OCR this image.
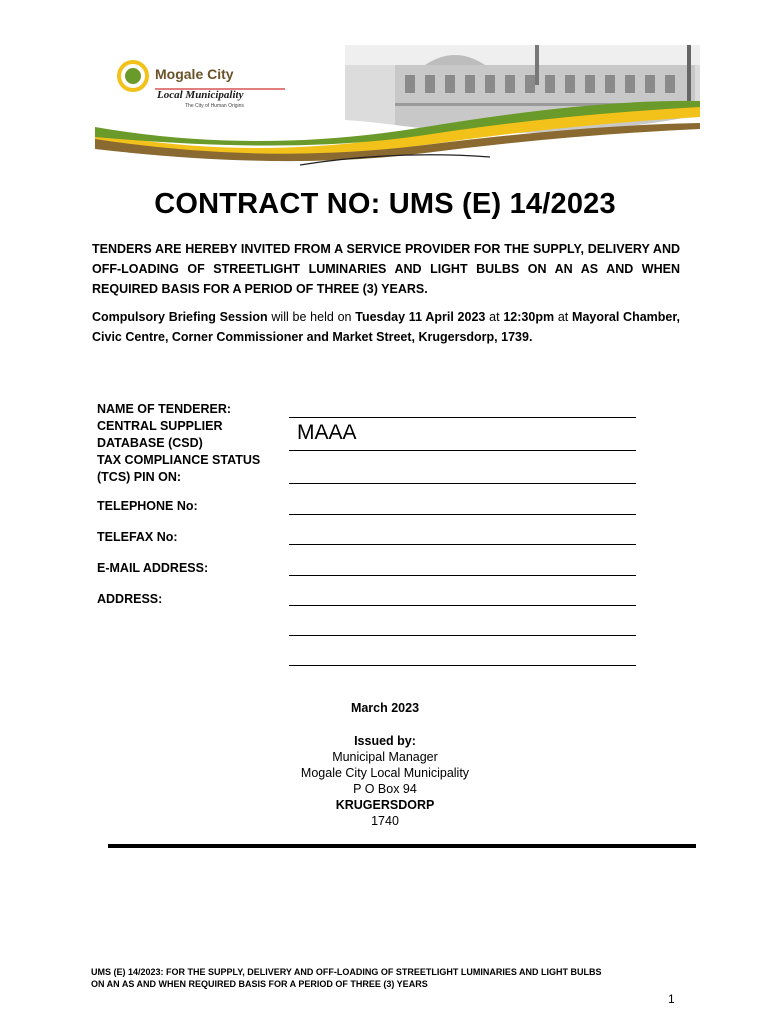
Mogale City
Local Municipality
The City of Human Origins
CONTRACT NO: UMS (E) 14/2023
TENDERS ARE HEREBY INVITED FROM A SERVICE PROVIDER FOR THE SUPPLY, DELIVERY AND OFF-LOADING OF STREETLIGHT LUMINARIES AND LIGHT BULBS ON AN AS AND WHEN REQUIRED BASIS FOR A PERIOD OF THREE (3) YEARS.
Compulsory Briefing Session will be held on Tuesday 11 April 2023 at 12:30pm at Mayoral Chamber, Civic Centre, Corner Commissioner and Market Street, Krugersdorp, 1739.
NAME OF TENDERER:
CENTRAL SUPPLIER
DATABASE (CSD)
TAX COMPLIANCE STATUS
(TCS) PIN ON:
TELEPHONE No:
TELEFAX No:
E-MAIL ADDRESS:
ADDRESS:
MAAA
March 2023
Issued by:
Municipal Manager
Mogale City Local Municipality
P O Box 94
KRUGERSDORP
1740
UMS (E) 14/2023: FOR THE SUPPLY, DELIVERY AND OFF-LOADING OF STREETLIGHT LUMINARIES AND LIGHT BULBS
ON AN AS AND WHEN REQUIRED BASIS FOR A PERIOD OF THREE (3) YEARS
1
